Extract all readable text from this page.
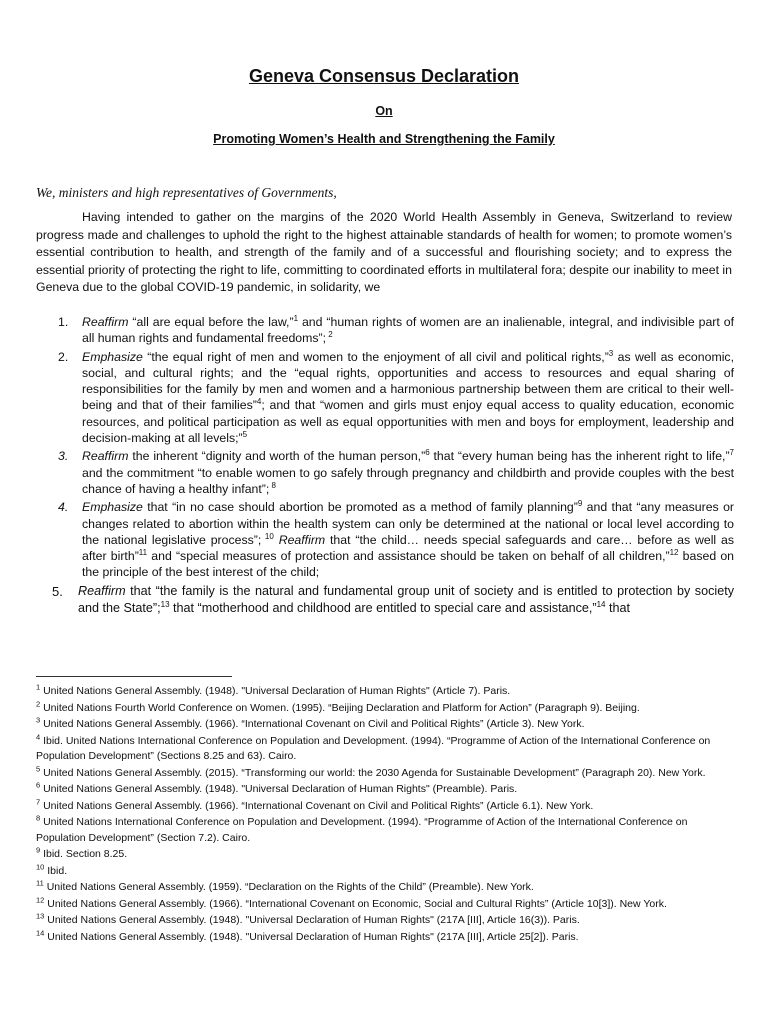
Geneva Consensus Declaration
On
Promoting Women’s Health and Strengthening the Family
We, ministers and high representatives of Governments,

Having intended to gather on the margins of the 2020 World Health Assembly in Geneva, Switzerland to review progress made and challenges to uphold the right to the highest attainable standards of health for women; to promote women’s essential contribution to health, and strength of the family and of a successful and flourishing society; and to express the essential priority of protecting the right to life, committing to coordinated efforts in multilateral fora; despite our inability to meet in Geneva due to the global COVID-19 pandemic, in solidarity, we

1. Reaffirm “all are equal before the law,”$^1$ and “human rights of women are an inalienable, integral, and indivisible part of all human rights and fundamental freedoms”; $^2$
2. Emphasize “the equal right of men and women to the enjoyment of all civil and political rights,”$^3$ as well as economic, social, and cultural rights; and the “equal rights, opportunities and access to resources and equal sharing of responsibilities for the family by men and women and a harmonious partnership between them are critical to their well-being and that of their families”$^4$; and that “women and girls must enjoy equal access to quality education, economic resources, and political participation as well as equal opportunities with men and boys for employment, leadership and decision-making at all levels;”$^5$
3. Reaffirm the inherent “dignity and worth of the human person,”$^6$ that “every human being has the inherent right to life,”$^7$ and the commitment “to enable women to go safely through pregnancy and childbirth and provide couples with the best chance of having a healthy infant”; $^8$
4. Emphasize that “in no case should abortion be promoted as a method of family planning”$^9$ and that “any measures or changes related to abortion within the health system can only be determined at the national or local level according to the national legislative process”; $^{10}$ Reaffirm that “the child… needs special safeguards and care… before as well as after birth”$^{11}$ and “special measures of protection and assistance should be taken on behalf of all children,”$^{12}$ based on the principle of the best interest of the child;
5. Reaffirm that “the family is the natural and fundamental group unit of society and is entitled to protection by society and the State”;$^{13}$ that “motherhood and childhood are entitled to special care and assistance,”$^{14}$ that
$^1$ United Nations General Assembly. (1948). "Universal Declaration of Human Rights" (Article 7). Paris.
$^2$ United Nations Fourth World Conference on Women. (1995). “Beijing Declaration and Platform for Action” (Paragraph 9). Beijing.
$^3$ United Nations General Assembly. (1966). “International Covenant on Civil and Political Rights” (Article 3). New York.
$^4$ Ibid. United Nations International Conference on Population and Development. (1994). “Programme of Action of the International Conference on Population Development” (Sections 8.25 and 63). Cairo.
$^5$ United Nations General Assembly. (2015). “Transforming our world: the 2030 Agenda for Sustainable Development” (Paragraph 20). New York.
$^6$ United Nations General Assembly. (1948). "Universal Declaration of Human Rights" (Preamble). Paris.
$^7$ United Nations General Assembly. (1966). “International Covenant on Civil and Political Rights” (Article 6.1). New York.
$^8$ United Nations International Conference on Population and Development. (1994). “Programme of Action of the International Conference on Population Development” (Section 7.2). Cairo.
$^9$ Ibid. Section 8.25.
$^{10}$ Ibid.
$^{11}$ United Nations General Assembly. (1959). “Declaration on the Rights of the Child” (Preamble). New York.
$^{12}$ United Nations General Assembly. (1966). “International Covenant on Economic, Social and Cultural Rights” (Article 10[3]). New York.
$^{13}$ United Nations General Assembly. (1948). "Universal Declaration of Human Rights" (217A [III], Article 16(3)). Paris.
$^{14}$ United Nations General Assembly. (1948). "Universal Declaration of Human Rights" (217A [III], Article 25[2]). Paris.
